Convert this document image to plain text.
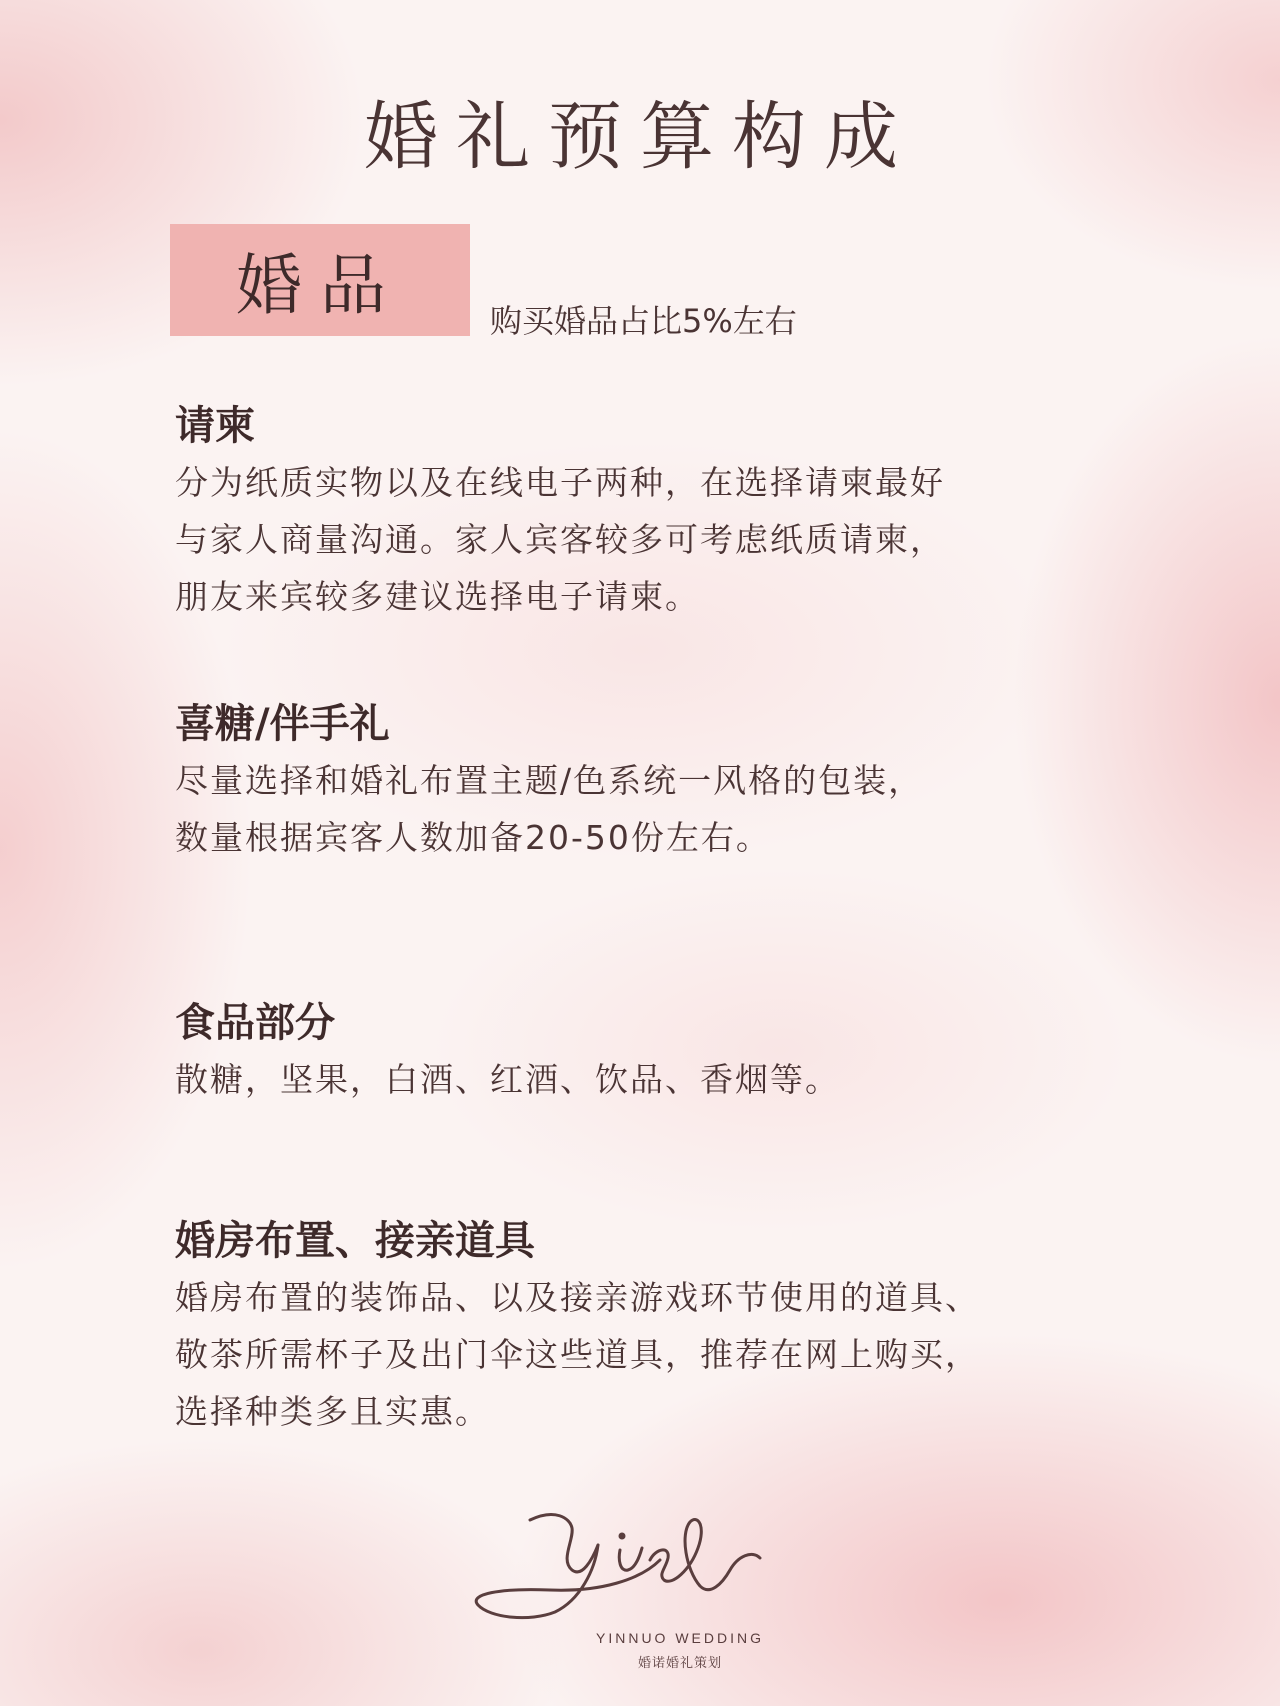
婚礼预算构成
婚品	购买婚品占比5%左右
请柬
分为纸质实物以及在线电子两种，在选择请柬最好
与家人商量沟通。家人宾客较多可考虑纸质请柬，
朋友来宾较多建议选择电子请柬。
喜糖/伴手礼
尽量选择和婚礼布置主题/色系统一风格的包装，
数量根据宾客人数加备20-50份左右。
食品部分
散糖，坚果，白酒、红酒、饮品、香烟等。
婚房布置、接亲道具
婚房布置的装饰品、以及接亲游戏环节使用的道具、
敬茶所需杯子及出门伞这些道具，推荐在网上购买，
选择种类多且实惠。
YINNUO WEDDING
婚诺婚礼策划
